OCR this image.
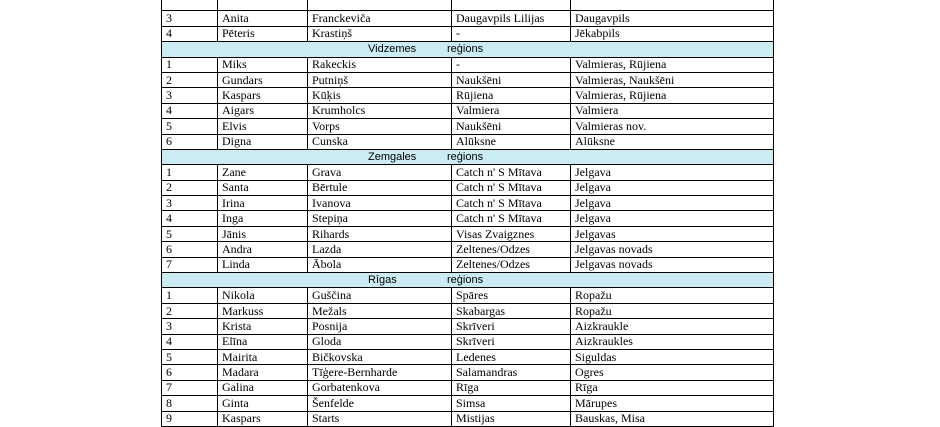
3	Anita	Franckeviča	Daugavpils Lilijas	Daugavpils
4	Pēteris	Krastiņš	-	Jēkabpils

Vidzemes reģions				

1	Miks	Rakeckis	-	Valmieras, Rūjiena
2	Gundars	Putniņš	Naukšēni	Valmieras, Naukšēni
3	Kaspars	Kūķis	Rūjiena	Valmieras, Rūjiena
4	Aigars	Krumholcs	Valmiera	Valmiera
5	Elvis	Vorps	Naukšēni	Valmieras nov.
6	Digna	Cunska	Alūksne	Alūksne

Zemgales reģions				

1	Zane	Grava	Catch n' S Mītava	Jelgava
2	Santa	Bērtule	Catch n' S Mītava	Jelgava
3	Irina	Ivanova	Catch n' S Mītava	Jelgava
4	Inga	Stepiņa	Catch n' S Mītava	Jelgava
5	Jānis	Rihards	Visas Zvaigznes	Jelgavas
6	Andra	Lazda	Zeltenes/Odzes	Jelgavas novads
7	Linda	Ābola	Zeltenes/Odzes	Jelgavas novads

Rīgas reģions				

1	Nikola	Guščina	Spāres	Ropažu
2	Markuss	Mežals	Skabargas	Ropažu
3	Krista	Posnija	Skrīveri	Aizkraukle
4	Elīna	Gloda	Skrīveri	Aizkraukles
5	Mairita	Bičkovska	Ledenes	Siguldas
6	Madara	Tīģere-Bernharde	Salamandras	Ogres
7	Galina	Gorbatenkova	Rīga	Rīga
8	Ginta	Šenfelde	Simsa	Mārupes
9	Kaspars	Starts	Mistijas	Bauskas, Misa
